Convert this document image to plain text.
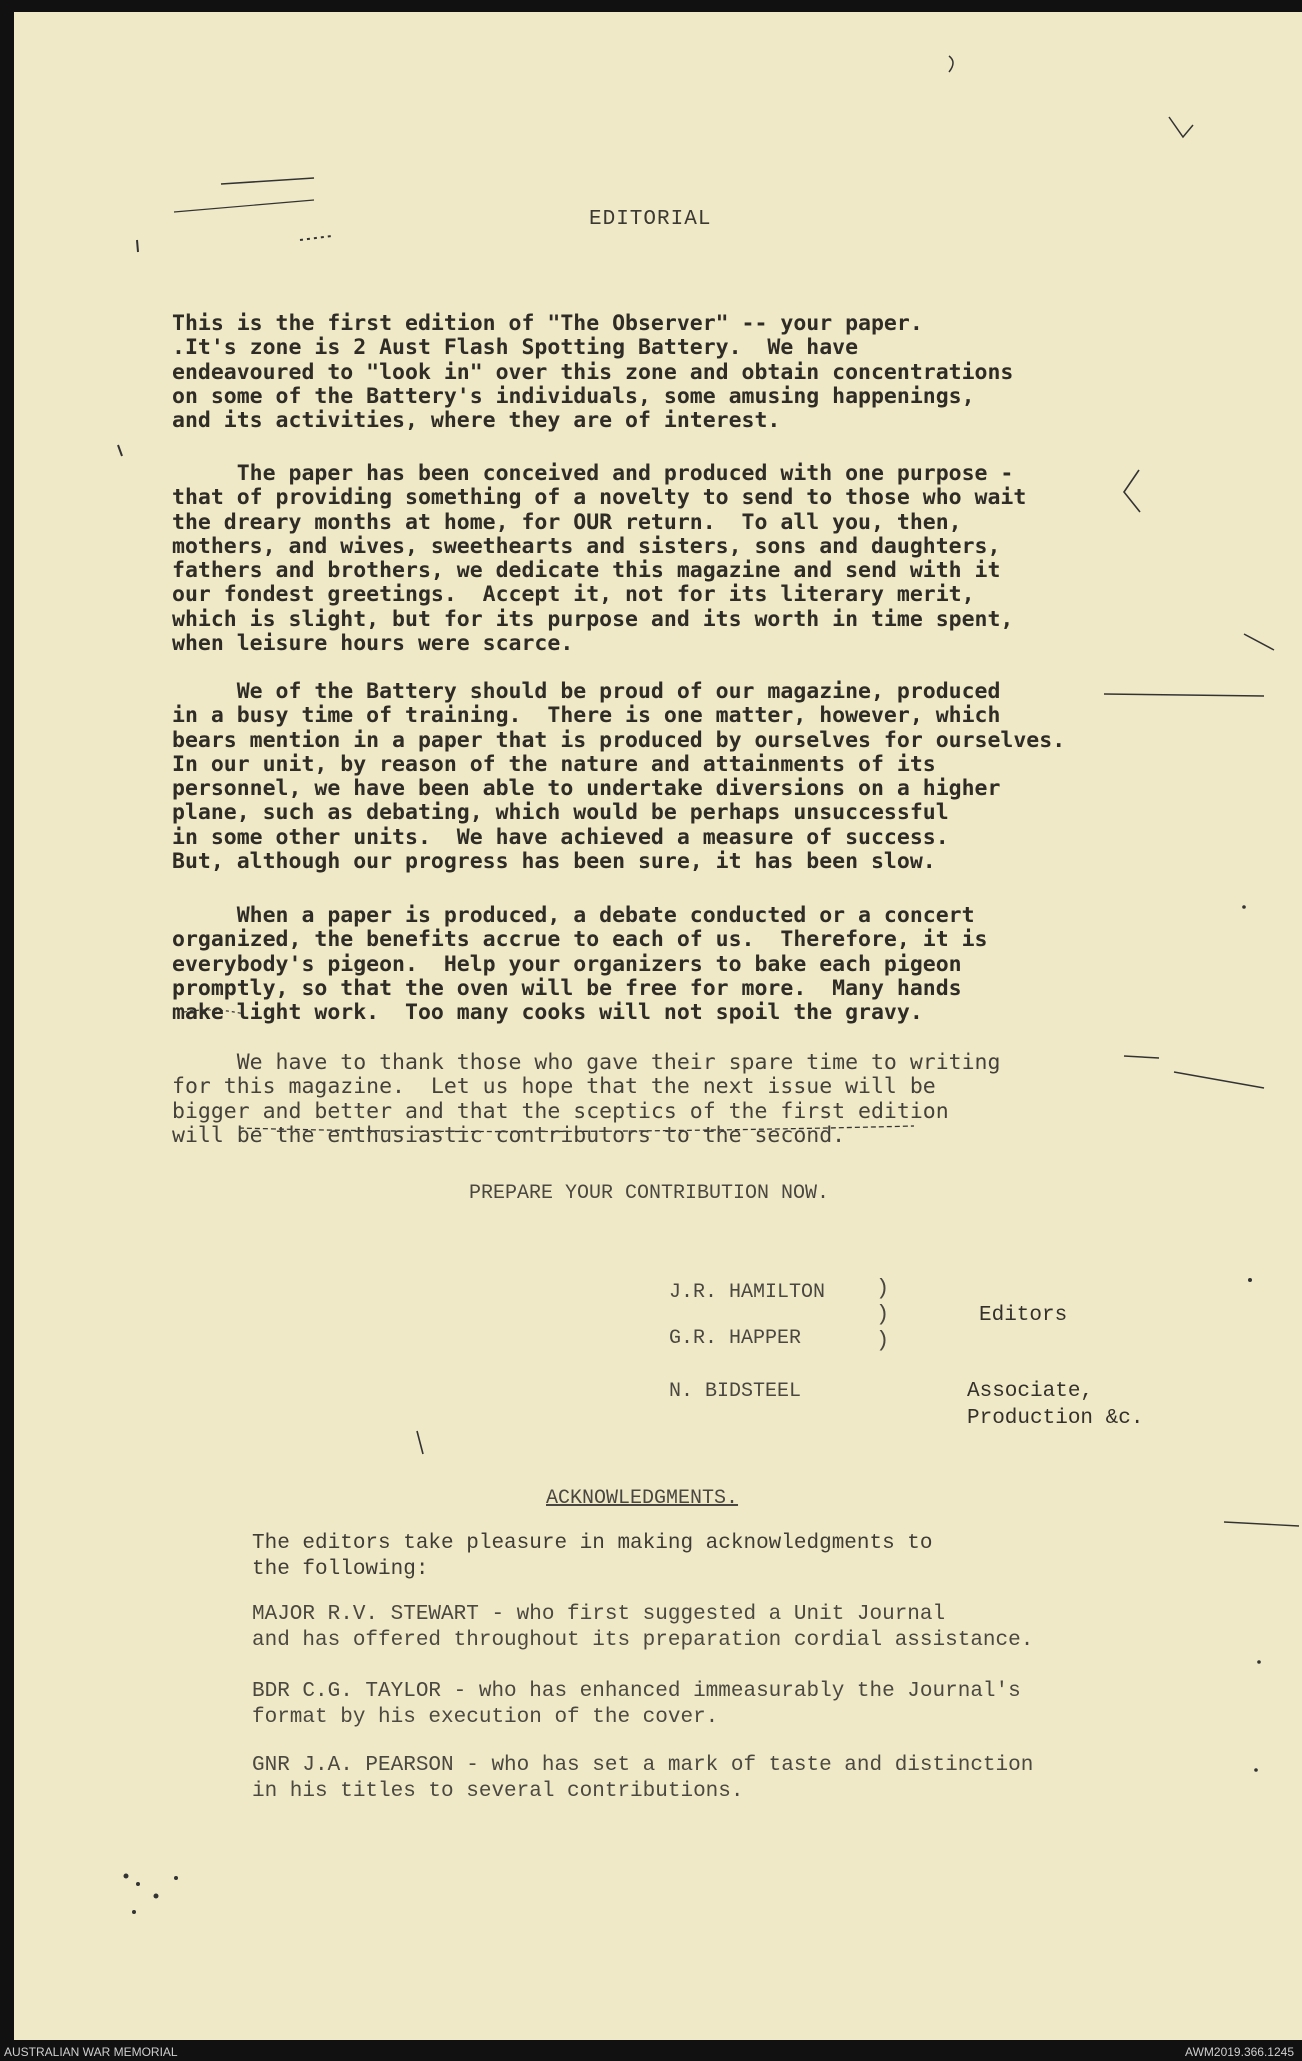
EDITORIAL
This is the first edition of "The Observer" -- your paper.
.It's zone is 2 Aust Flash Spotting Battery.  We have
endeavoured to "look in" over this zone and obtain concentrations
on some of the Battery's individuals, some amusing happenings,
and its activities, where they are of interest.
The paper has been conceived and produced with one purpose -
that of providing something of a novelty to send to those who wait
the dreary months at home, for OUR return.  To all you, then,
mothers, and wives, sweethearts and sisters, sons and daughters,
fathers and brothers, we dedicate this magazine and send with it
our fondest greetings.  Accept it, not for its literary merit,
which is slight, but for its purpose and its worth in time spent,
when leisure hours were scarce.
We of the Battery should be proud of our magazine, produced
in a busy time of training.  There is one matter, however, which
bears mention in a paper that is produced by ourselves for ourselves.
In our unit, by reason of the nature and attainments of its
personnel, we have been able to undertake diversions on a higher
plane, such as debating, which would be perhaps unsuccessful
in some other units.  We have achieved a measure of success.
But, although our progress has been sure, it has been slow.
When a paper is produced, a debate conducted or a concert
organized, the benefits accrue to each of us.  Therefore, it is
everybody's pigeon.  Help your organizers to bake each pigeon
promptly, so that the oven will be free for more.  Many hands
make light work.  Too many cooks will not spoil the gravy.
We have to thank those who gave their spare time to writing
for this magazine.  Let us hope that the next issue will be
bigger and better and that the sceptics of the first edition
will be the enthusiastic contributors to the second.
PREPARE YOUR CONTRIBUTION NOW.
J.R. HAMILTON
G.R. HAPPER
N. BIDSTEEL
)
)
)
Editors
Associate,
Production &c.
ACKNOWLEDGMENTS.
The editors take pleasure in making acknowledgments to
the following:
MAJOR R.V. STEWART - who first suggested a Unit Journal
and has offered throughout its preparation cordial assistance.
BDR C.G. TAYLOR - who has enhanced immeasurably the Journal's
format by his execution of the cover.
GNR J.A. PEARSON - who has set a mark of taste and distinction
in his titles to several contributions.
AUSTRALIAN WAR MEMORIAL	AWM2019.366.1245
